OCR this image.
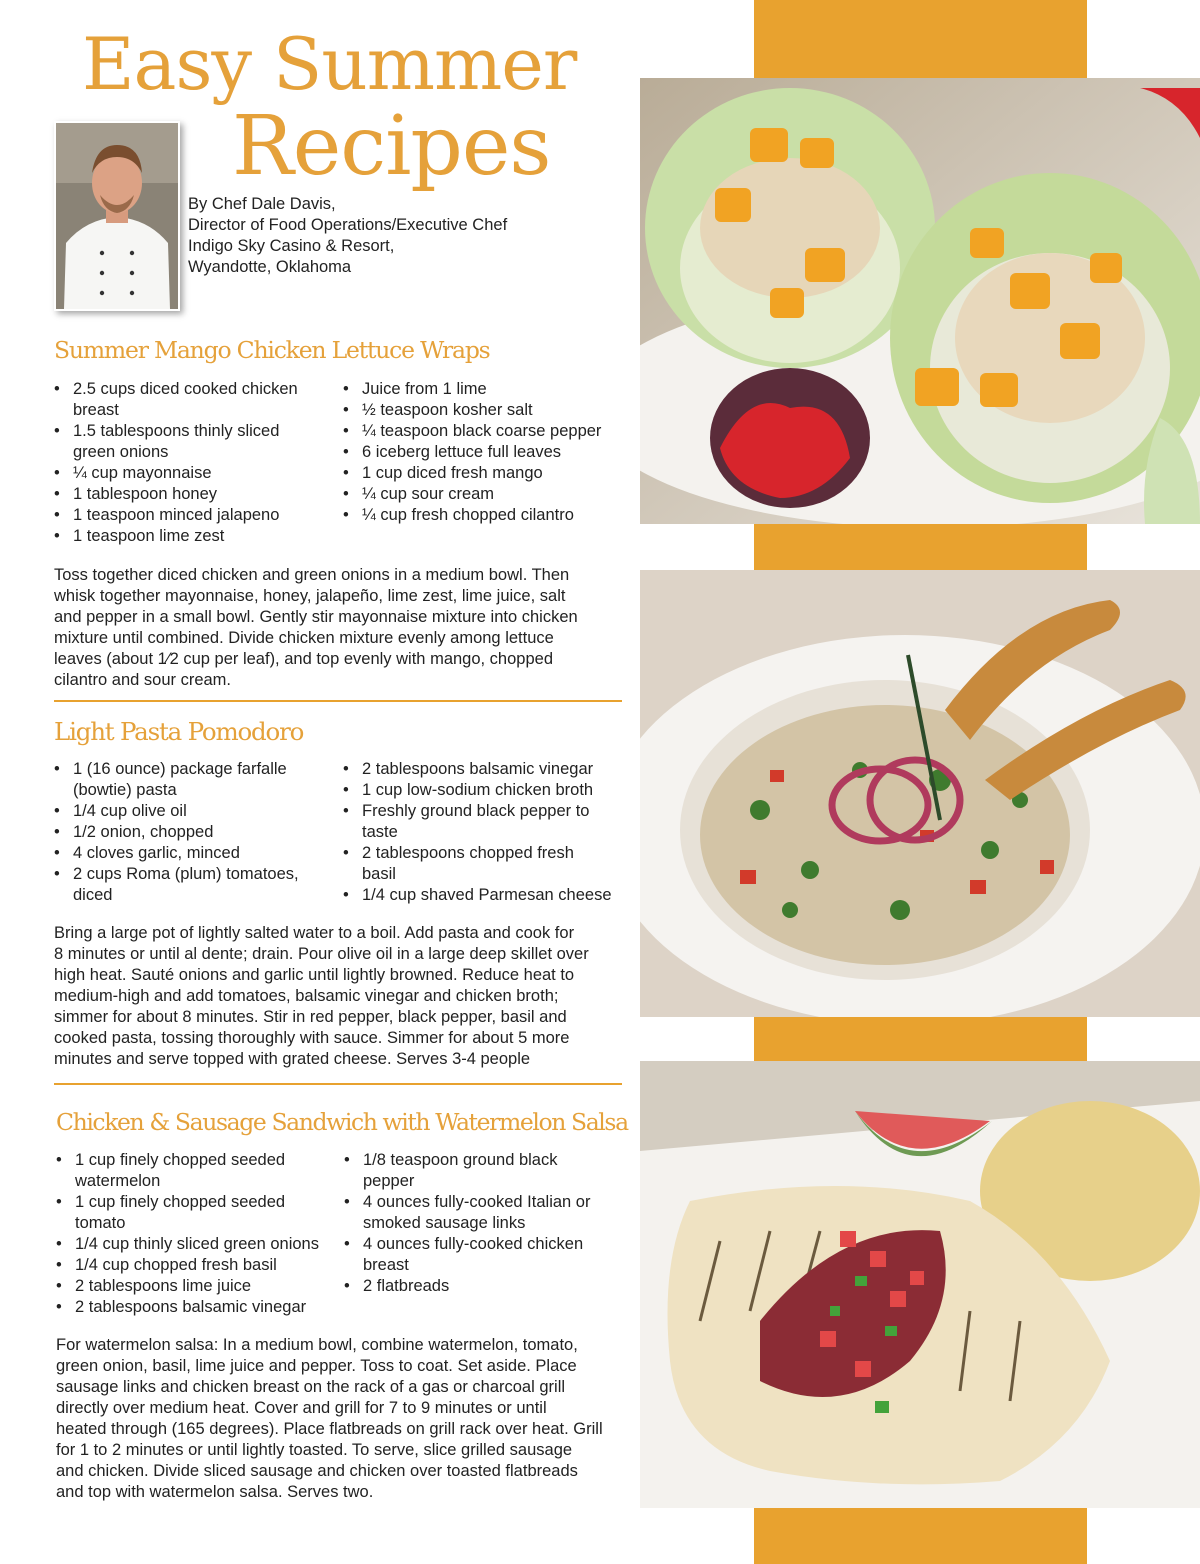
Easy Summer
Recipes
By Chef Dale Davis,
Director of Food Operations/Executive Chef
Indigo Sky Casino & Resort,
Wyandotte, Oklahoma
Summer Mango Chicken Lettuce Wraps
• 2.5 cups diced cooked chicken
breast
• 1.5 tablespoons thinly sliced
green onions
• ¼ cup mayonnaise
• 1 tablespoon honey
• 1 teaspoon minced jalapeno
• 1 teaspoon lime zest
• Juice from 1 lime
• ½ teaspoon kosher salt
• ¼ teaspoon black coarse pepper
• 6 iceberg lettuce full leaves
• 1 cup diced fresh mango
• ¼ cup sour cream
• ¼ cup fresh chopped cilantro
Toss together diced chicken and green onions in a medium bowl. Then
whisk together mayonnaise, honey, jalapeño, lime zest, lime juice, salt
and pepper in a small bowl. Gently stir mayonnaise mixture into chicken
mixture until combined. Divide chicken mixture evenly among lettuce
leaves (about 1⁄2 cup per leaf), and top evenly with mango, chopped
cilantro and sour cream.
Light Pasta Pomodoro
• 1 (16 ounce) package farfalle
(bowtie) pasta
• 1/4 cup olive oil
• 1/2 onion, chopped
• 4 cloves garlic, minced
• 2 cups Roma (plum) tomatoes,
diced
• 2 tablespoons balsamic vinegar
• 1 cup low-sodium chicken broth
• Freshly ground black pepper to
taste
• 2 tablespoons chopped fresh
basil
• 1/4 cup shaved Parmesan cheese
Bring a large pot of lightly salted water to a boil. Add pasta and cook for
8 minutes or until al dente; drain. Pour olive oil in a large deep skillet over
high heat. Sauté onions and garlic until lightly browned. Reduce heat to
medium-high and add tomatoes, balsamic vinegar and chicken broth;
simmer for about 8 minutes. Stir in red pepper, black pepper, basil and
cooked pasta, tossing thoroughly with sauce. Simmer for about 5 more
minutes and serve topped with grated cheese. Serves 3-4 people
Chicken & Sausage Sandwich with Watermelon Salsa
• 1 cup finely chopped seeded
watermelon
• 1 cup finely chopped seeded
tomato
• 1/4 cup thinly sliced green onions
• 1/4 cup chopped fresh basil
• 2 tablespoons lime juice
• 2 tablespoons balsamic vinegar
• 1/8 teaspoon ground black
pepper
• 4 ounces fully-cooked Italian or
smoked sausage links
• 4 ounces fully-cooked chicken
breast
• 2 flatbreads
For watermelon salsa: In a medium bowl, combine watermelon, tomato,
green onion, basil, lime juice and pepper. Toss to coat. Set aside. Place
sausage links and chicken breast on the rack of a gas or charcoal grill
directly over medium heat. Cover and grill for 7 to 9 minutes or until
heated through (165 degrees). Place flatbreads on grill rack over heat. Grill
for 1 to 2 minutes or until lightly toasted. To serve, slice grilled sausage
and chicken. Divide sliced sausage and chicken over toasted flatbreads
and top with watermelon salsa. Serves two.
